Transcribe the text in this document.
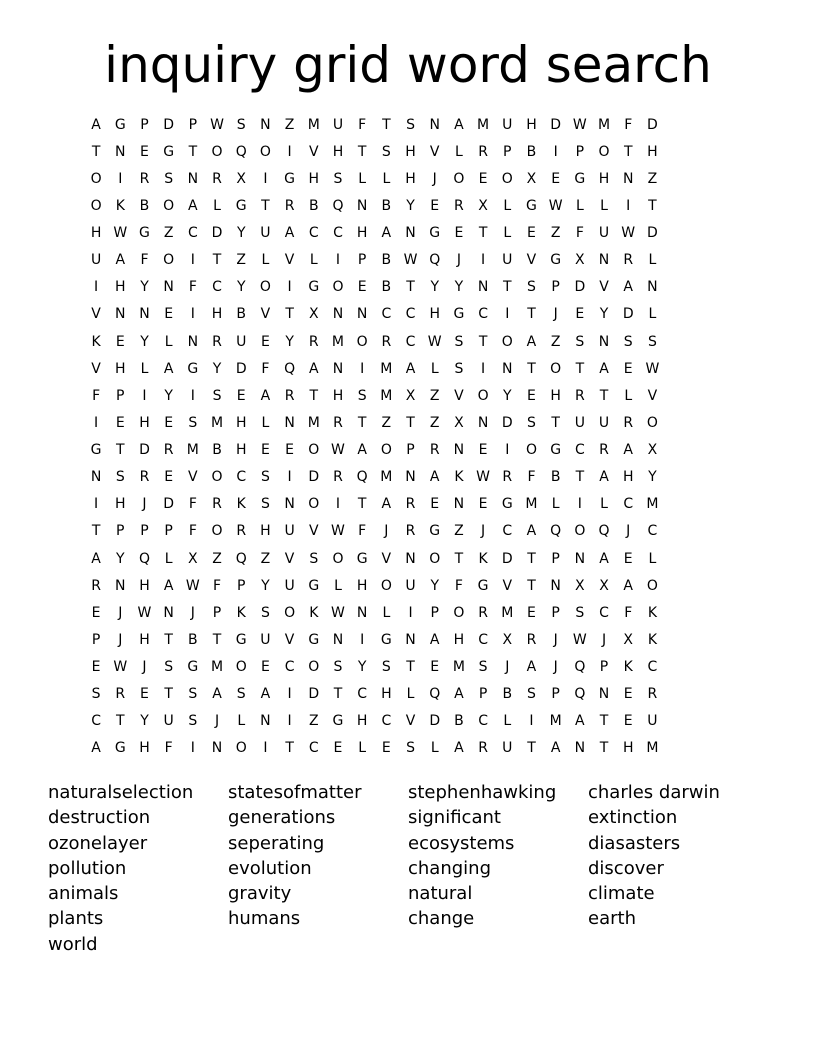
inquiry grid word search
A G	P	D	P W S	N	Z M U	F	T	S	N	A M U H D W M	F	D
T	N	E	G	T	O Q O	I	V	H	T	S	H	V	L	R	P	B	I	P	O	T	H
O	I	R	S	N	R	X	I	G H	S	L	L	H	J	O	E	O X	E	G H N	Z
O	K	B O A	L	G	T	R	B Q N	B	Y	E	R	X	L	G W L	L	I	T
H W G Z	C D	Y	U	A	C	C	H	A	N G	E	T	L	E	Z	F	U W D
U	A	F	O	I	T	Z	L	V	L	I	P	B W Q	J	I	U	V G X	N	R	L
I	H	Y	N	F	C	Y	O	I	G O	E	B	T	Y	Y	N	T	S	P	D	V	A	N
V	N N	E	I	H	B	V	T	X	N N	C	C	H G C	I	T	J	E	Y	D	L
K	E	Y	L	N	R	U	E	Y	R M O R	C W S	T	O A	Z	S	N	S	S
V	H	L	A G	Y	D	F	Q A	N	I	M A	L	S	I	N	T	O	T	A	E W
F	P	I	Y	I	S	E	A	R	T	H	S M X	Z	V O	Y	E	H	R	T	L	V
I	E	H	E	S M H	L	N M R	T	Z	T	Z	X	N D	S	T	U U	R O
G	T	D R M B	H	E	E	O W A O	P	R	N	E	I	O G C	R	A	X
N	S	R	E	V O C	S	I	D R Q M N	A	K W R	F	B	T	A	H	Y
I	H	J	D	F	R	K	S	N O	I	T	A	R	E	N	E	G M	L	I	L	C M
T	P	P	P	F	O R	H U	V W F	J	R G Z	J	C	A Q O Q	J	C
A	Y	Q	L	X	Z Q Z	V	S	O G V	N O	T	K	D	T	P	N	A	E	L
R	N H	A W F	P	Y	U G	L	H O U	Y	F	G V	T	N	X	X	A O
E	J	W N	J	P	K	S	O	K W N	L	I	P	O R M E	P	S	C	F	K
P	J	H	T	B	T	G U	V G N	I	G N	A	H	C	X	R	J	W	J	X	K
E W	J	S	G M O	E	C O	S	Y	S	T	E M S	J	A	J	Q	P	K	C
S	R	E	T	S	A	S	A	I	D	T	C	H	L	Q A	P	B	S	P	Q N	E	R
C	T	Y	U	S	J	L	N	I	Z G H	C	V	D B	C	L	I	M A	T	E	U
A G H	F	I	N O	I	T	C	E	L	E	S	L	A	R	U	T	A	N	T	H M
naturalselection
destruction
ozonelayer
pollution
animals
plants
world
statesofmatter
generations
seperating
evolution
gravity
humans
stephenhawking
significant
ecosystems
changing
natural
change
charles darwin
extinction
diasasters
discover
climate
earth
